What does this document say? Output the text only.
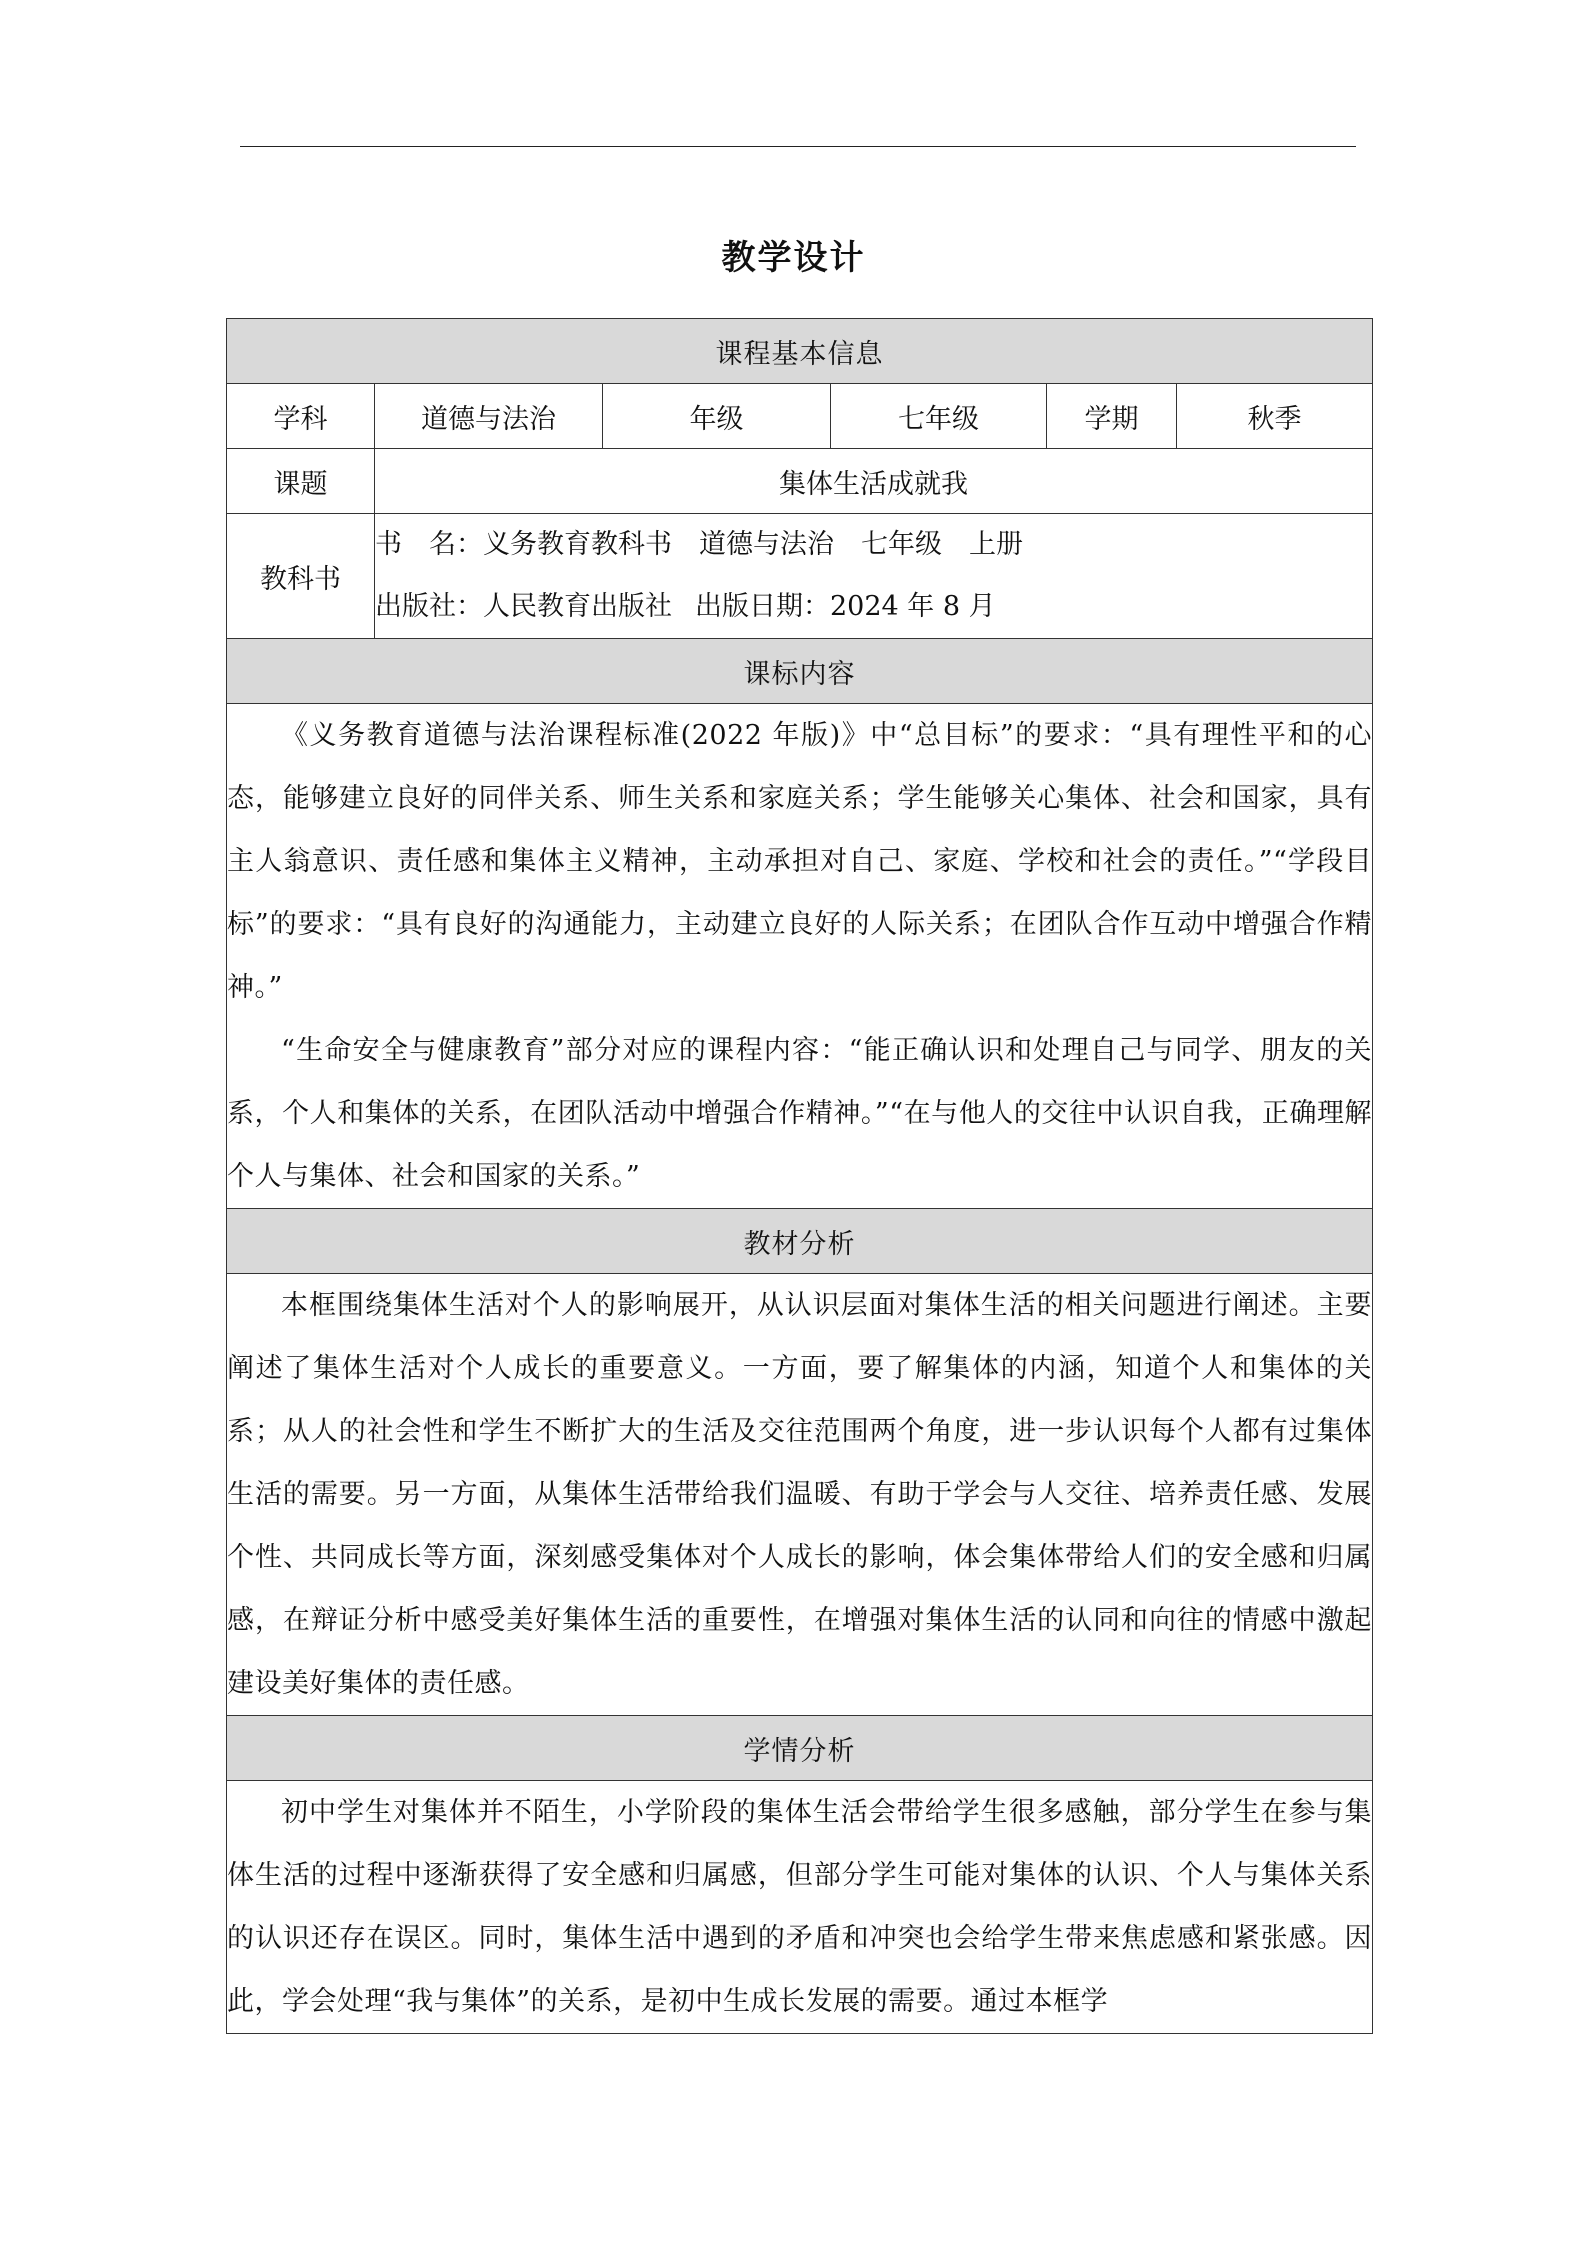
教学设计
课程基本信息					
学科	道德与法治	年级	七年级	学期	秋季
课题	集体生活成就我				
教科书	书　名：义务教育教科书　道德与法治　七年级　上册
出版社：人民教育出版社 出版日期：2024 年 8 月				

课标内容					

《义务教育道德与法治课程标准(2022 年版)》中“总目标”的要求：“具有理性平和的心态，能够建立良好的同伴关系、师生关系和家庭关系；学生能够关心集体、社会和国家，具有主人翁意识、责任感和集体主义精神，主动承担对自己、家庭、学校和社会的责任。”“学段目标”的要求：“具有良好的沟通能力，主动建立良好的人际关系；在团队合作互动中增强合作精神。”

“生命安全与健康教育”部分对应的课程内容：“能正确认识和处理自己与同学、朋友的关系，个人和集体的关系，在团队活动中增强合作精神。”“在与他人的交往中认识自我，正确理解个人与集体、社会和国家的关系。”					

教材分析					

本框围绕集体生活对个人的影响展开，从认识层面对集体生活的相关问题进行阐述。主要阐述了集体生活对个人成长的重要意义。一方面，要了解集体的内涵，知道个人和集体的关系；从人的社会性和学生不断扩大的生活及交往范围两个角度，进一步认识每个人都有过集体生活的需要。另一方面，从集体生活带给我们温暖、有助于学会与人交往、培养责任感、发展个性、共同成长等方面，深刻感受集体对个人成长的影响，体会集体带给人们的安全感和归属感，在辩证分析中感受美好集体生活的重要性，在增强对集体生活的认同和向往的情感中激起建设美好集体的责任感。					

学情分析					

初中学生对集体并不陌生，小学阶段的集体生活会带给学生很多感触，部分学生在参与集体生活的过程中逐渐获得了安全感和归属感，但部分学生可能对集体的认识、个人与集体关系的认识还存在误区。同时，集体生活中遇到的矛盾和冲突也会给学生带来焦虑感和紧张感。因此，学会处理“我与集体”的关系，是初中生成长发展的需要。通过本框学					
